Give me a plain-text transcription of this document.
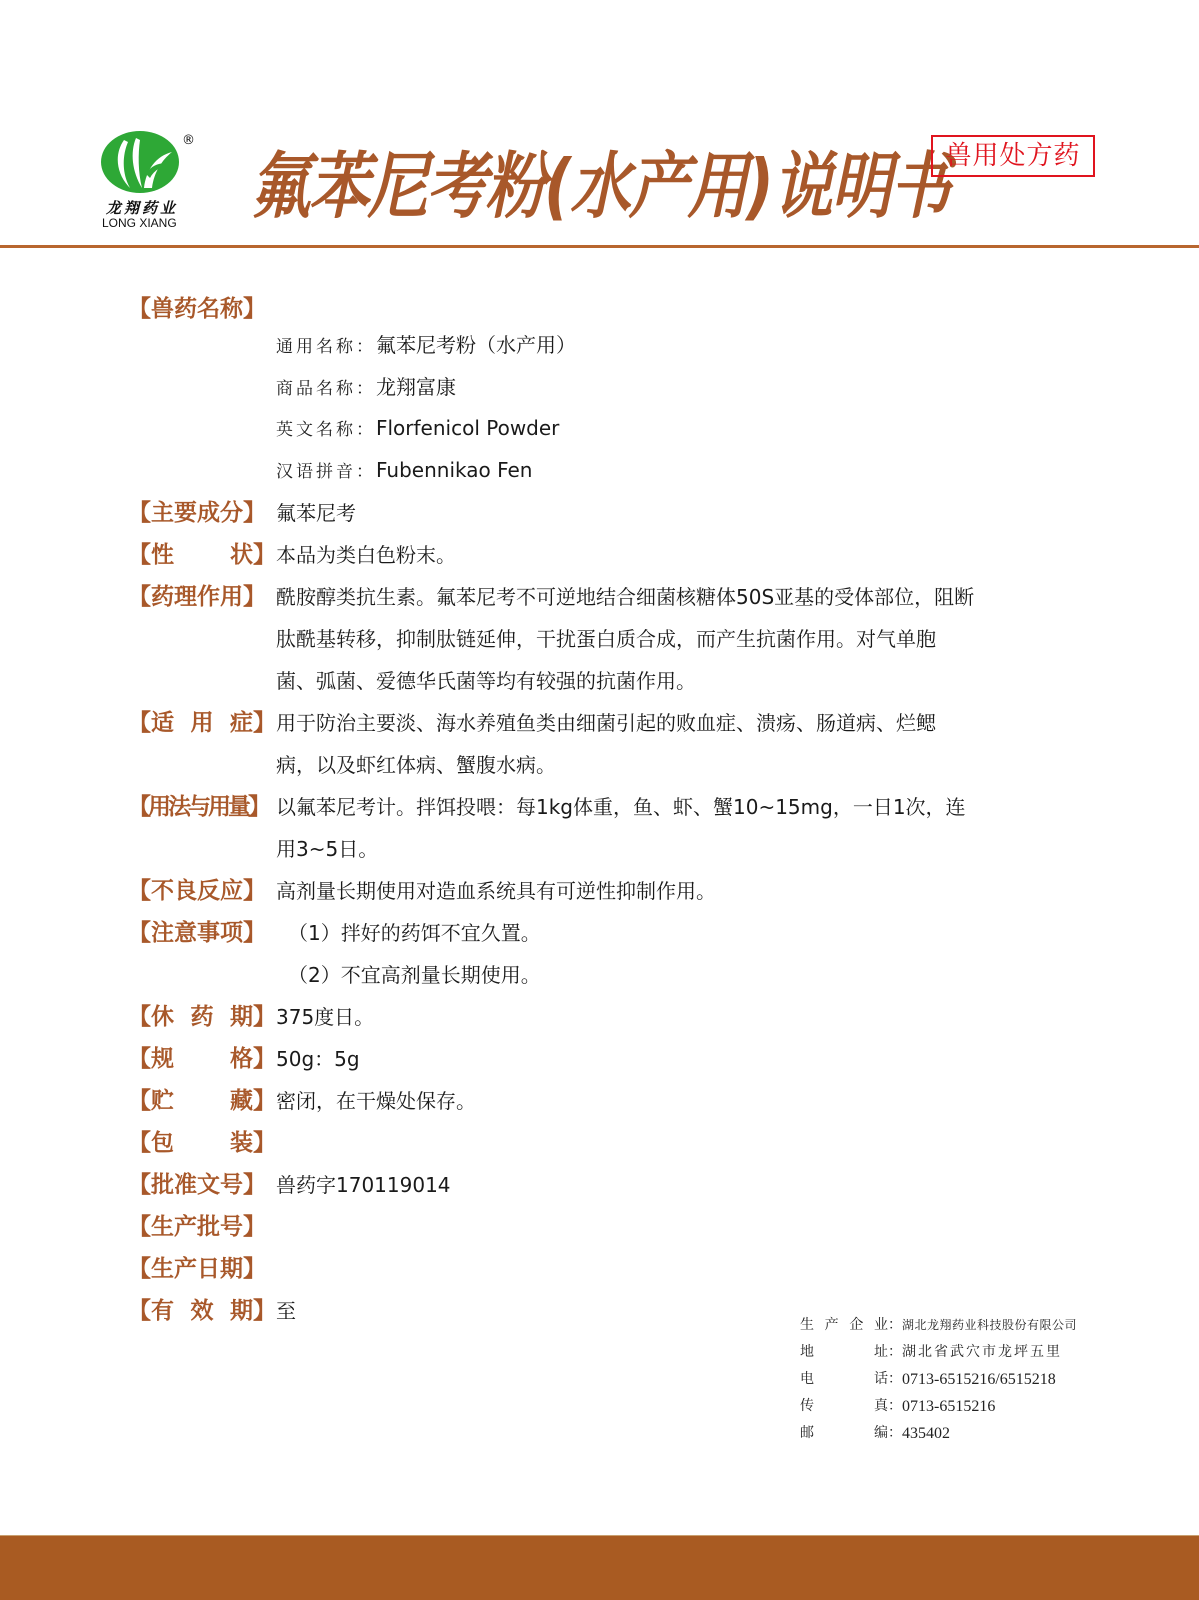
®
龙翔药业
LONG XIANG 氟苯尼考粉(水产用)说明书
兽用处方药
【兽药名称】
通用名称：氟苯尼考粉（水产用）
商品名称：龙翔富康
英文名称：Florfenicol Powder
汉语拼音：Fubennikao Fen
【主要成分】 氟苯尼考
【 性 状 】 本品为类白色粉末。
【药理作用】 酰胺醇类抗生素。氟苯尼考不可逆地结合细菌核糖体50S亚基的受体部位，阻断

肽酰基转移，抑制肽链延伸，干扰蛋白质合成，而产生抗菌作用。对气单胞

菌、弧菌、爱德华氏菌等均有较强的抗菌作用。

【 适 用 症 】 用于防治主要淡、海水养殖鱼类由细菌引起的败血症、溃疡、肠道病、烂鳃

病，以及虾红体病、蟹腹水病。

【用法与用量】 以氟苯尼考计。拌饵投喂：每1kg体重，鱼、虾、蟹10~15mg，一日1次，连

用3~5日。

【不良反应】 高剂量长期使用对造血系统具有可逆性抑制作用。
【注意事项】	（1）拌好的药饵不宜久置。

（2）不宜高剂量长期使用。

【 休 药 期 】 375度日。
【 规 格 】 50g：5g
【 贮 藏 】 密闭，在干燥处保存。
【 包 装 】
【批准文号】 兽药字170119014
【生产批号】
【生产日期】
【 有 效 期 】 至
生 产 企 业 ： 湖北龙翔药业科技股份有限公司
地	址 ： 湖北省武穴市龙坪五里
电	话 ： 0713-6515216/6515218
传	真 ： 0713-6515216
邮	编 ： 435402
